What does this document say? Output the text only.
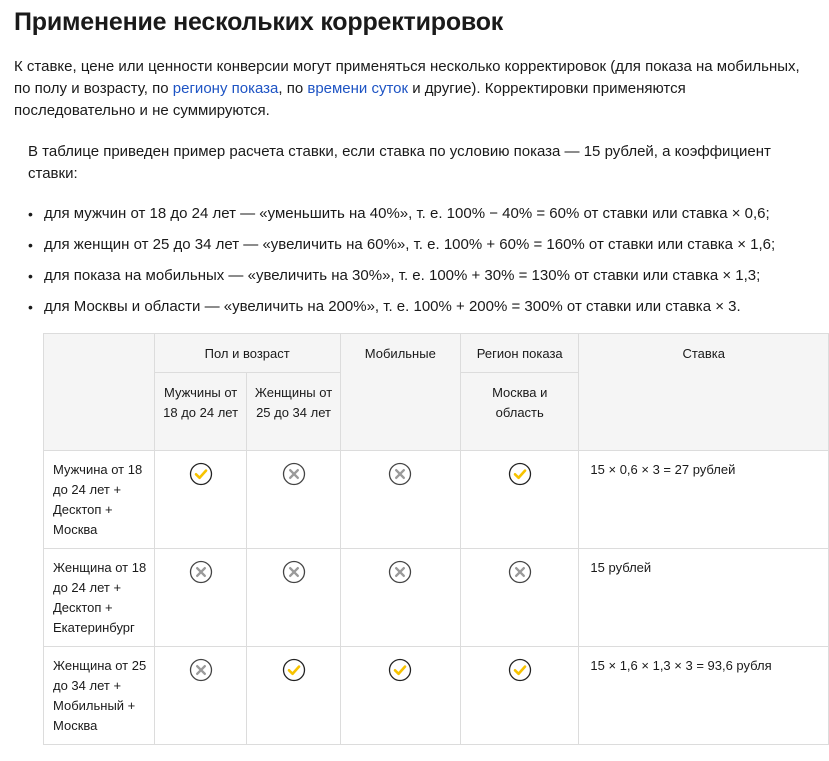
Применение нескольких корректировок

К ставке, цене или ценности конверсии могут применяться несколько корректировок (для показа на мобильных, по полу и возрасту, по региону показа, по времени суток и другие). Корректировки применяются последовательно и не суммируются.

В таблице приведен пример расчета ставки, если ставка по условию показа — 15 рублей, а коэффициент ставки:

• для мужчин от 18 до 24 лет — «уменьшить на 40%», т. е. 100% − 40% = 60% от ставки или ставка × 0,6;
• для женщин от 25 до 34 лет — «увеличить на 60%», т. е. 100% + 60% = 160% от ставки или ставка × 1,6;
• для показа на мобильных — «увеличить на 30%», т. е. 100% + 30% = 130% от ставки или ставка × 1,3;
• для Москвы и области — «увеличить на 200%», т. е. 100% + 200% = 300% от ставки или ставка × 3.
	Пол и возраст		Мобильные	Регион показа	Ставка
	Мужчины от 18 до 24 лет	Женщины от 25 до 34 лет		Москва и область	
Мужчина от 18 до 24 лет + Десктоп + Москва					15 × 0,6 × 3 = 27 рублей
Женщина от 18 до 24 лет + Десктоп + Екатеринбург					15 рублей
Женщина от 25 до 34 лет + Мобильный + Москва					15 × 1,6 × 1,3 × 3 = 93,6 рубля
